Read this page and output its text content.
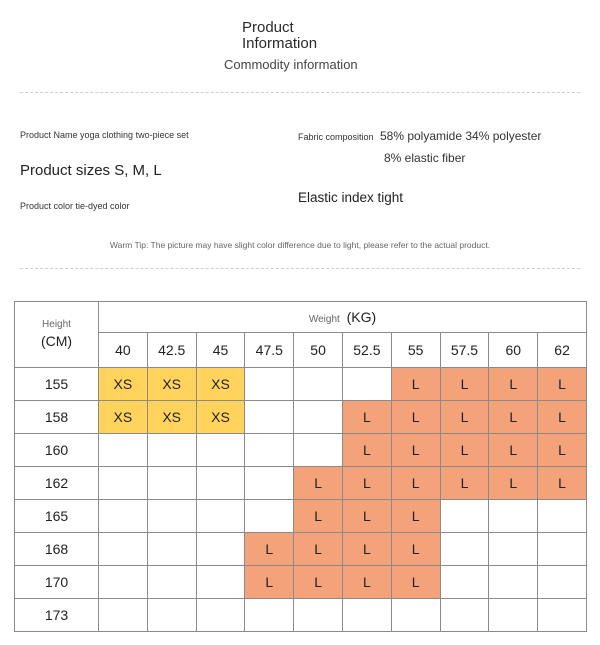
Product Information
Commodity information
Product Name yoga clothing two-piece set
Product sizes S, M, L
Product color tie-dyed color
Fabric composition 58% polyamide 34% polyester
8% elastic fiber
Elastic index tight
Warm Tip: The picture may have slight color difference due to light, please refer to the actual product.
Height
(CM)	Weight (KG)									
	40	42.5	45	47.5	50	52.5	55	57.5	60	62
155	XS	XS	XS				L	L	L	L
158	XS	XS	XS			L	L	L	L	L
160						L	L	L	L	L
162					L	L	L	L	L	L
165					L	L	L			
168				L	L	L	L			
170				L	L	L	L			
173										
